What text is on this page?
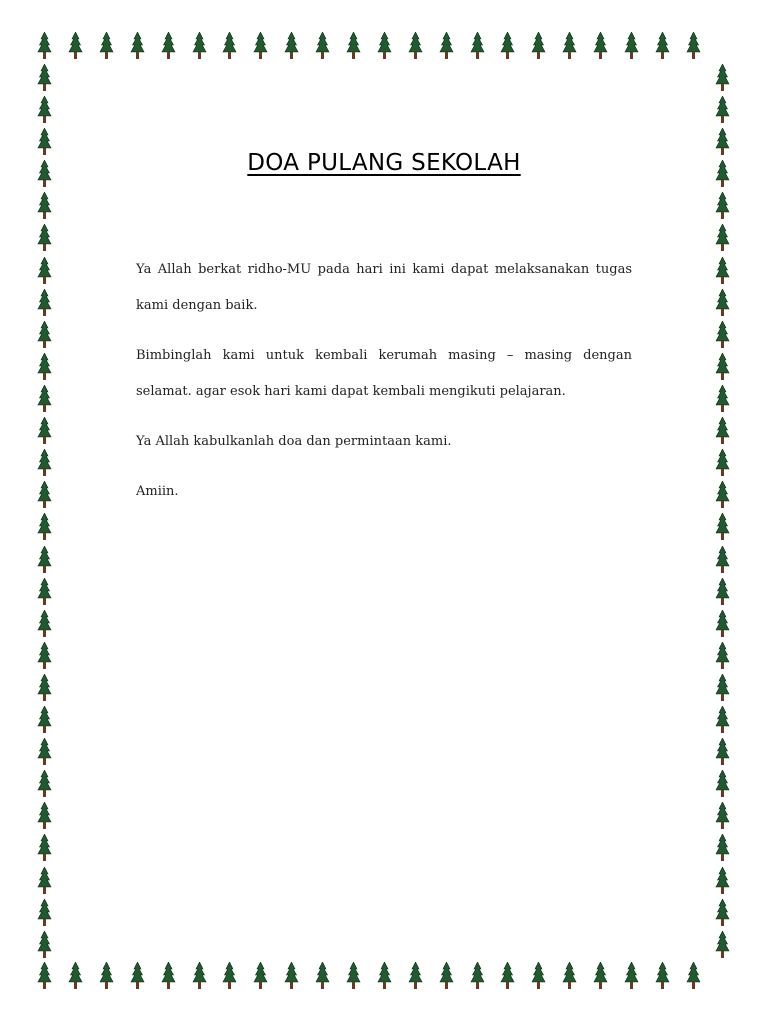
DOA PULANG SEKOLAH

Ya Allah berkat ridho-MU pada hari ini kami dapat melaksanakan tugas kami dengan baik.

Bimbinglah kami untuk kembali kerumah masing – masing dengan selamat. agar esok hari kami dapat kembali mengikuti pelajaran.

Ya Allah kabulkanlah doa dan permintaan kami.

Amiin.
